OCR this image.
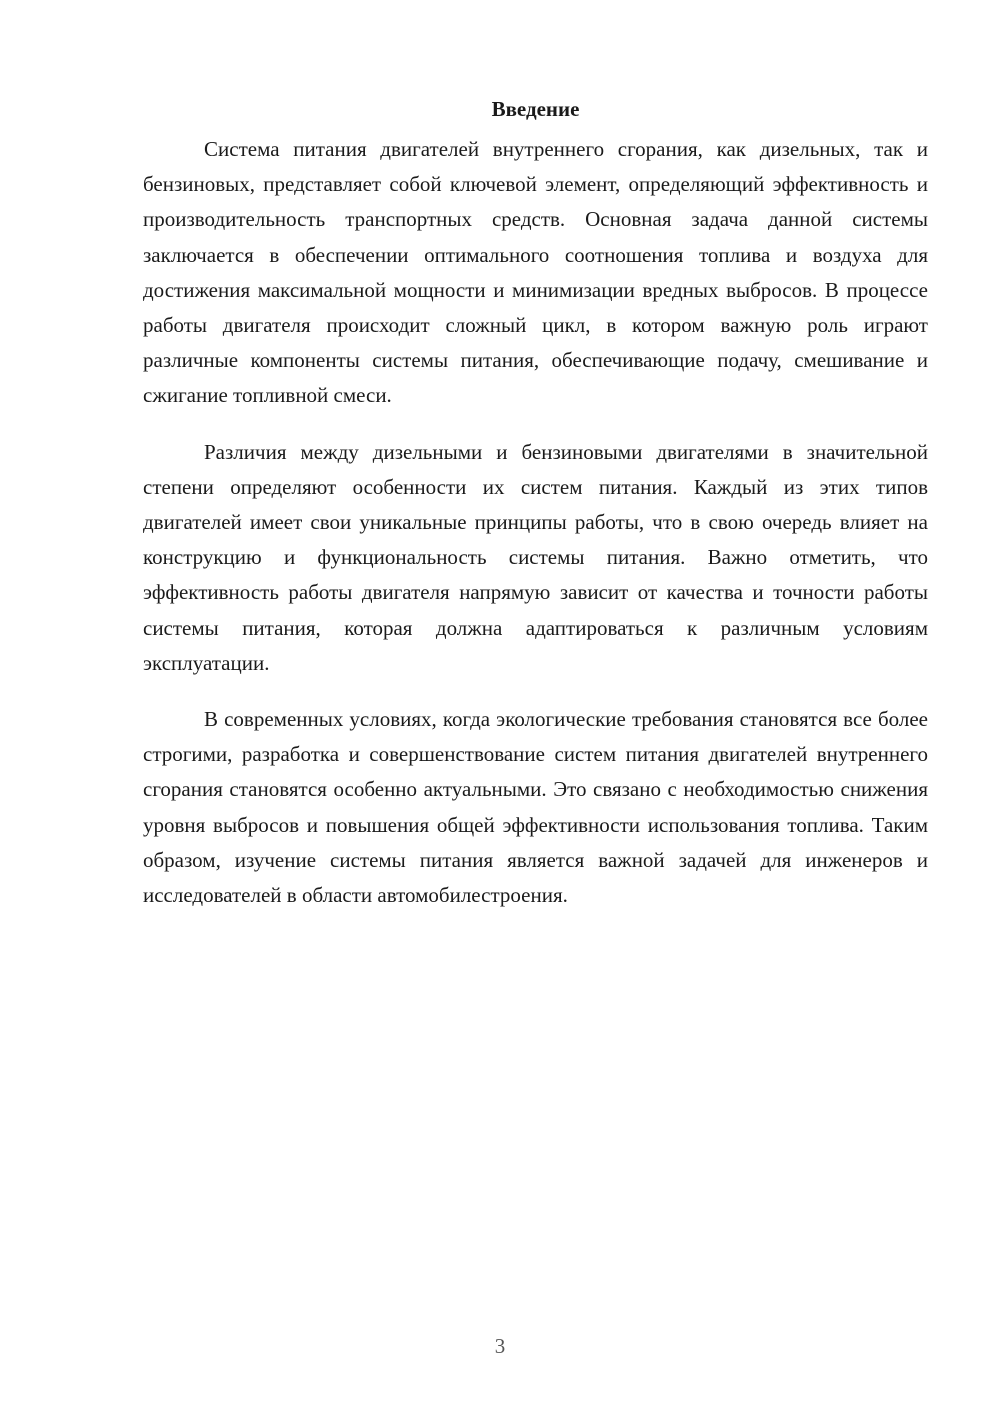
Введение

Система питания двигателей внутреннего сгорания, как дизельных, так и бензиновых, представляет собой ключевой элемент, определяющий эффективность и производительность транспортных средств. Основная задача данной системы заключается в обеспечении оптимального соотношения топлива и воздуха для достижения максимальной мощности и минимизации вредных выбросов. В процессе работы двигателя происходит сложный цикл, в котором важную роль играют различные компоненты системы питания, обеспечивающие подачу, смешивание и сжигание топливной смеси.

Различия между дизельными и бензиновыми двигателями в значительной степени определяют особенности их систем питания. Каждый из этих типов двигателей имеет свои уникальные принципы работы, что в свою очередь влияет на конструкцию и функциональность системы питания. Важно отметить, что эффективность работы двигателя напрямую зависит от качества и точности работы системы питания, которая должна адаптироваться к различным условиям эксплуатации.

В современных условиях, когда экологические требования становятся все более строгими, разработка и совершенствование систем питания двигателей внутреннего сгорания становятся особенно актуальными. Это связано с необходимостью снижения уровня выбросов и повышения общей эффективности использования топлива. Таким образом, изучение системы питания является важной задачей для инженеров и исследователей в области автомобилестроения.

3
